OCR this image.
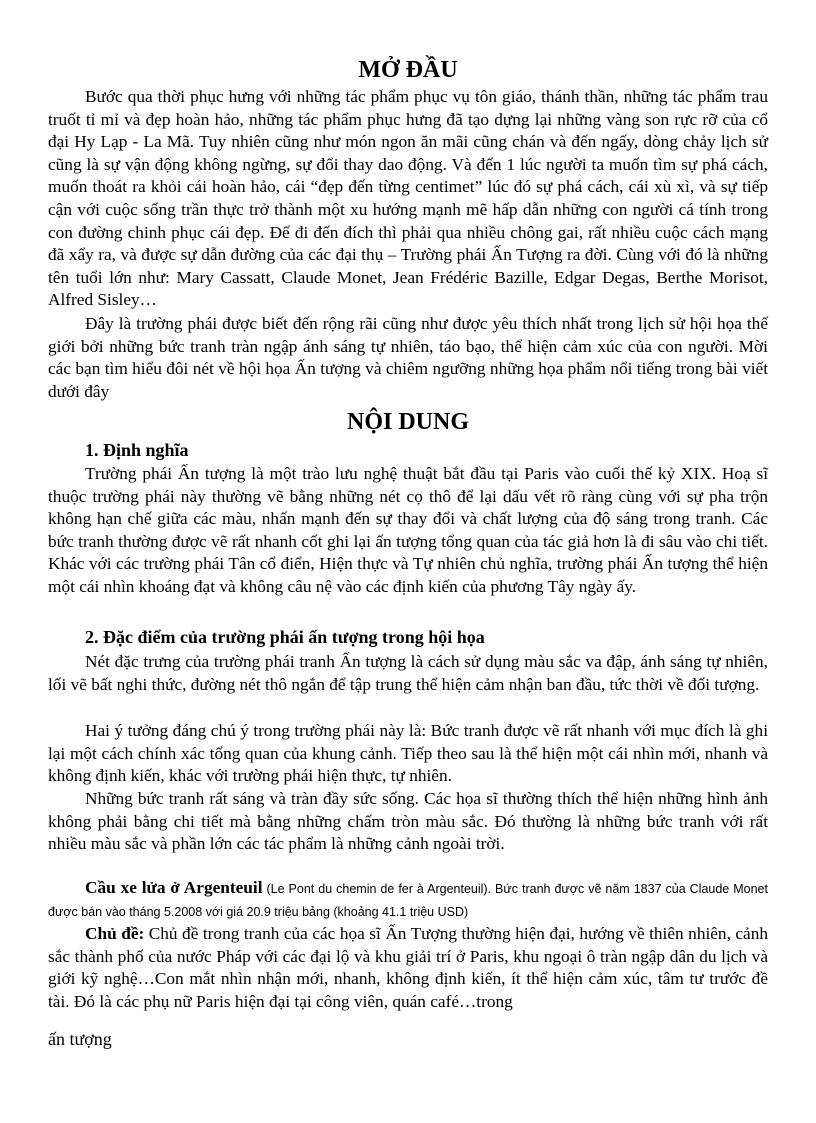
MỞ ĐẦU

Bước qua thời phục hưng với những tác phẩm phục vụ tôn giáo, thánh thần, những tác phẩm trau truốt tỉ mỉ và đẹp hoàn hảo, những tác phẩm phục hưng đã tạo dựng lại những vàng son rực rỡ của cổ đại Hy Lạp - La Mã. Tuy nhiên cũng như món ngon ăn mãi cũng chán và đến ngấy, dòng chảy lịch sử cũng là sự vận động không ngừng, sự đổi thay dao động. Và đến 1 lúc người ta muốn tìm sự phá cách, muốn thoát ra khỏi cái hoàn hảo, cái “đẹp đến từng centimet” lúc đó sự phá cách, cái xù xì, và sự tiếp cận với cuộc sống trần thực trở thành một xu hướng mạnh mẽ hấp dẫn những con người cá tính trong con đường chinh phục cái đẹp. Để đi đến đích thì phải qua nhiều chông gai, rất nhiều cuộc cách mạng đã xẩy ra, và được sự dẫn đường của các đại thụ – Trường phái Ấn Tượng ra đời. Cùng với đó là những tên tuổi lớn như: Mary Cassatt, Claude Monet, Jean Frédéric Bazille, Edgar Degas, Berthe Morisot, Alfred Sisley…

Đây là trường phái được biết đến rộng rãi cũng như được yêu thích nhất trong lịch sử hội họa thế giới bởi những bức tranh tràn ngập ánh sáng tự nhiên, táo bạo, thể hiện cảm xúc của con người. Mời các bạn tìm hiểu đôi nét về hội họa Ấn tượng và chiêm ngưỡng những họa phẩm nổi tiếng trong bài viết dưới đây

NỘI DUNG
1. Định nghĩa

Trường phái Ấn tượng là một trào lưu nghệ thuật bắt đầu tại Paris vào cuối thế kỷ XIX. Hoạ sĩ thuộc trường phái này thường vẽ bằng những nét cọ thô để lại dấu vết rõ ràng cùng với sự pha trộn không hạn chế giữa các màu, nhấn mạnh đến sự thay đổi và chất lượng của độ sáng trong tranh. Các bức tranh thường được vẽ rất nhanh cốt ghi lại ấn tượng tổng quan của tác giả hơn là đi sâu vào chi tiết. Khác với các trường phái Tân cổ điển, Hiện thực và Tự nhiên chủ nghĩa, trường phái Ấn tượng thể hiện một cái nhìn khoáng đạt và không câu nệ vào các định kiến của phương Tây ngày ấy.

2. Đặc điểm của trường phái ấn tượng trong hội họa

Nét đặc trưng của trường phái tranh Ấn tượng là cách sử dụng màu sắc va đập, ánh sáng tự nhiên, lối vẽ bất nghi thức, đường nét thô ngắn để tập trung thể hiện cảm nhận ban đầu, tức thời về đối tượng.

Hai ý tưởng đáng chú ý trong trường phái này là: Bức tranh được vẽ rất nhanh với mục đích là ghi lại một cách chính xác tổng quan của khung cảnh. Tiếp theo sau là thể hiện một cái nhìn mới, nhanh và không định kiến, khác với trường phái hiện thực, tự nhiên.

Những bức tranh rất sáng và tràn đầy sức sống. Các họa sĩ thường thích thể hiện những hình ảnh không phải bằng chi tiết mà bằng những chấm tròn màu sắc. Đó thường là những bức tranh với rất nhiều màu sắc và phần lớn các tác phẩm là những cảnh ngoài trời.

Cầu xe lửa ở Argenteuil (Le Pont du chemin de fer à Argenteuil). Bức tranh được vẽ năm 1837 của Claude Monet được bán vào tháng 5.2008 với giá 20.9 triệu bảng (khoảng 41.1 triệu USD)

Chủ đề: Chủ đề trong tranh của các họa sĩ Ấn Tượng thường hiện đại, hướng về thiên nhiên, cảnh sắc thành phố của nước Pháp với các đại lộ và khu giải trí ở Paris, khu ngoại ô tràn ngập dân du lịch và giới kỹ nghệ…Con mắt nhìn nhận mới, nhanh, không định kiến, ít thể hiện cảm xúc, tâm tư trước đề tài. Đó là các phụ nữ Paris hiện đại tại công viên, quán café…trong

ấn tượng
